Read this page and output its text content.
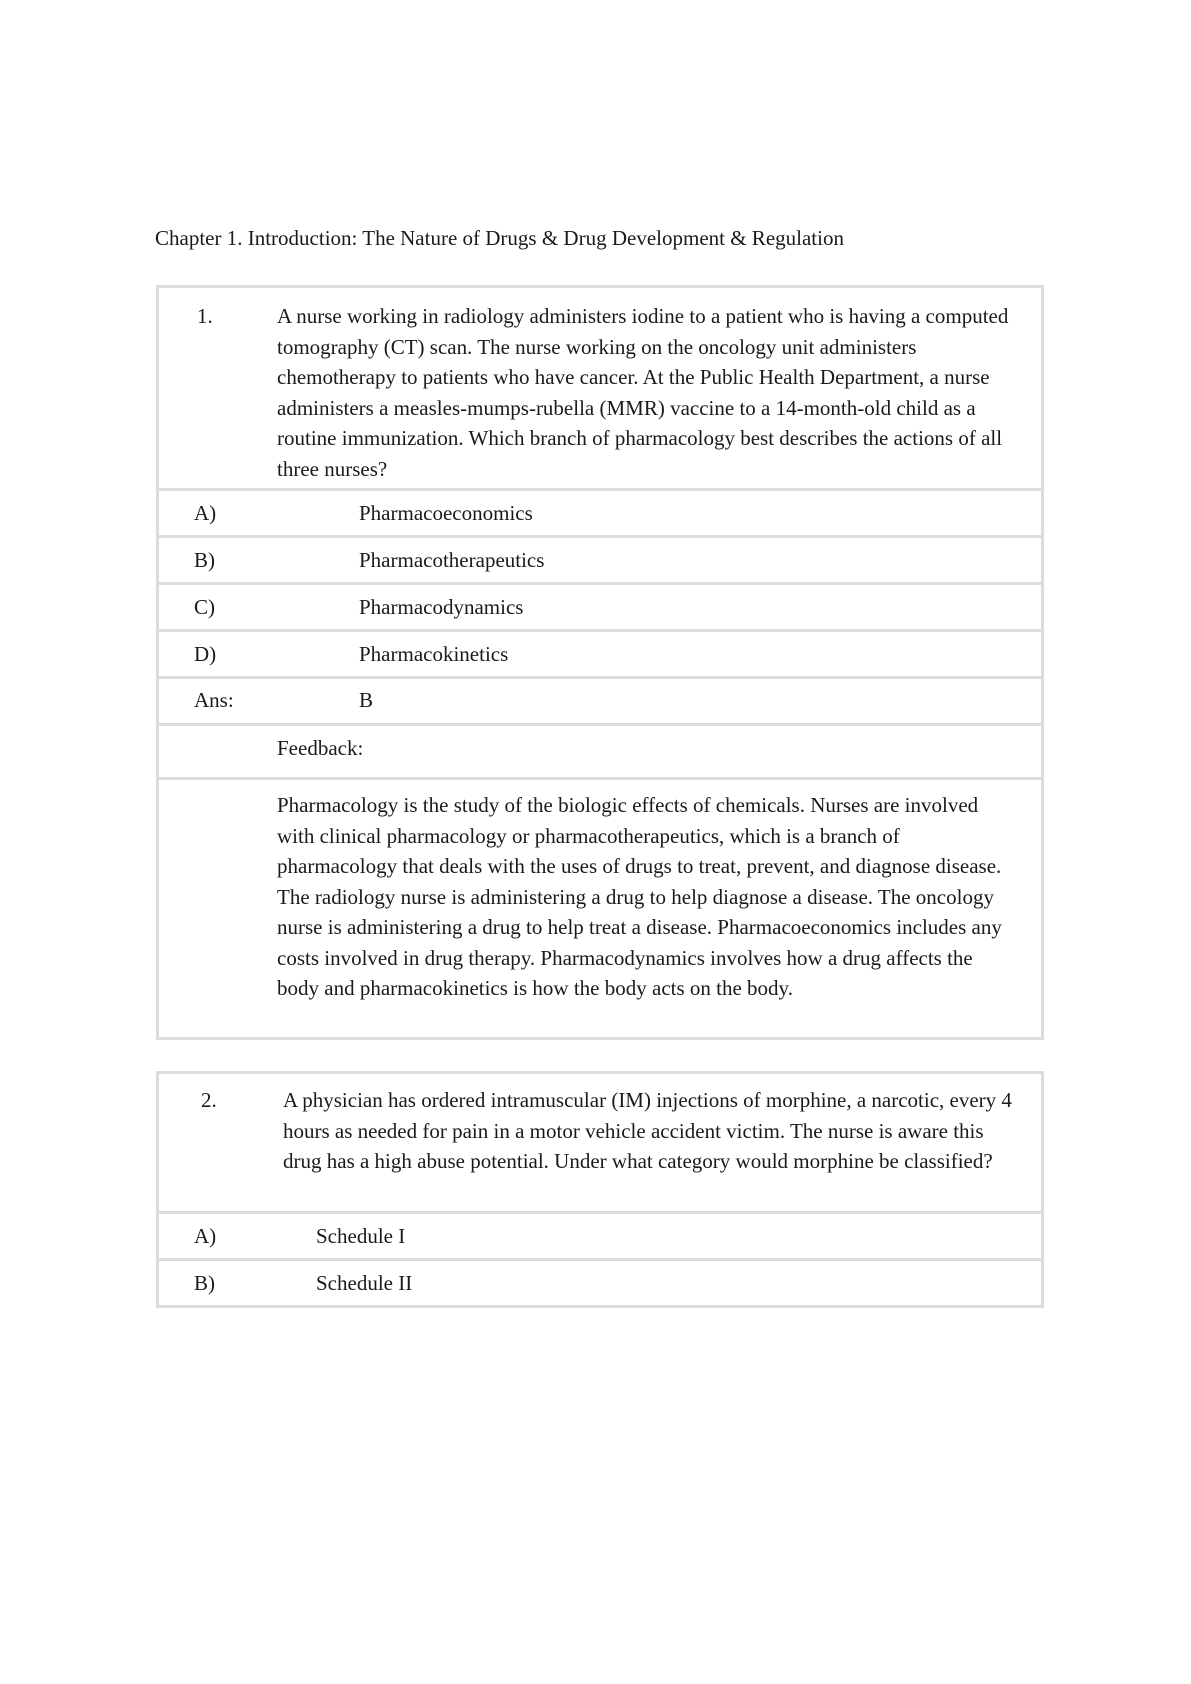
Chapter 1. Introduction: The Nature of Drugs & Drug Development & Regulation
1.	A nurse working in radiology administers iodine to a patient who is having a computed tomography (CT) scan. The nurse working on the oncology unit administers chemotherapy to patients who have cancer. At the Public Health Department, a nurse administers a measles-mumps-rubella (MMR) vaccine to a 14-month-old child as a routine immunization. Which branch of pharmacology best describes the actions of all three nurses?
A)	Pharmacoeconomics
B)	Pharmacotherapeutics
C)	Pharmacodynamics
D)	Pharmacokinetics
Ans:	B
Feedback:
Pharmacology is the study of the biologic effects of chemicals. Nurses are involved with clinical pharmacology or pharmacotherapeutics, which is a branch of pharmacology that deals with the uses of drugs to treat, prevent, and diagnose disease. The radiology nurse is administering a drug to help diagnose a disease. The oncology nurse is administering a drug to help treat a disease. Pharmacoeconomics includes any costs involved in drug therapy. Pharmacodynamics involves how a drug affects the body and pharmacokinetics is how the body acts on the body.
2.	A physician has ordered intramuscular (IM) injections of morphine, a narcotic, every 4 hours as needed for pain in a motor vehicle accident victim. The nurse is aware this drug has a high abuse potential. Under what category would morphine be classified?
A)	Schedule I
B)	Schedule II
